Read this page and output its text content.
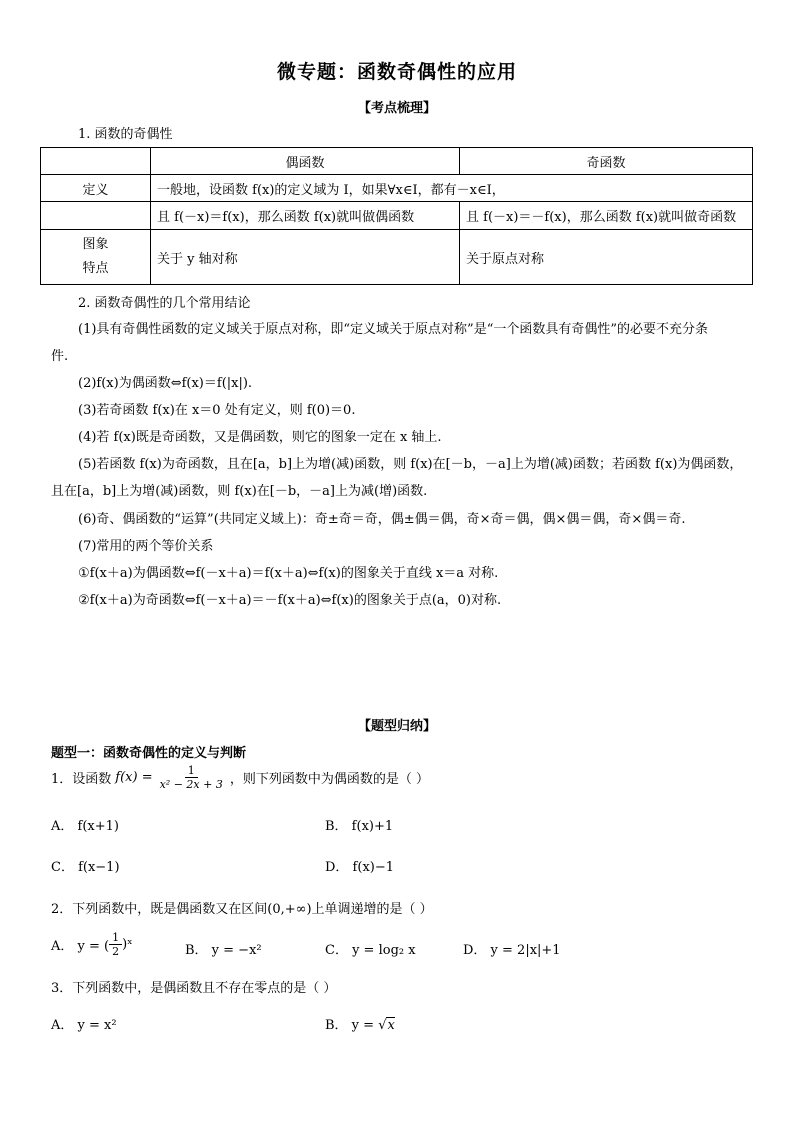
微专题：函数奇偶性的应用
【考点梳理】
1. 函数的奇偶性
	偶函数	奇函数
定义	一般地，设函数 f(x)的定义域为 I，如果∀x∈I，都有－x∈I，	
	且 f(－x)＝f(x)，那么函数 f(x)就叫做偶函数	且 f(－x)＝－f(x)，那么函数 f(x)就叫做奇函数
图象
特点	关于 y 轴对称	关于原点对称
2. 函数奇偶性的几个常用结论
(1)具有奇偶性函数的定义域关于原点对称，即“定义域关于原点对称”是“一个函数具有奇偶性”的必要不充分条
件.
(2)f(x)为偶函数⇔f(x)＝f(|x|).
(3)若奇函数 f(x)在 x＝0 处有定义，则 f(0)＝0.
(4)若 f(x)既是奇函数，又是偶函数，则它的图象一定在 x 轴上.
(5)若函数 f(x)为奇函数，且在[a，b]上为增(减)函数，则 f(x)在[－b，－a]上为增(减)函数；若函数 f(x)为偶函数，
且在[a，b]上为增(减)函数，则 f(x)在[－b，－a]上为减(增)函数.
(6)奇、偶函数的“运算”(共同定义域上)：奇±奇＝奇，偶±偶＝偶，奇×奇＝偶，偶×偶＝偶，奇×偶＝奇.
(7)常用的两个等价关系
①f(x＋a)为偶函数⇔f(－x＋a)＝f(x＋a)⇔f(x)的图象关于直线 x＝a 对称.
②f(x＋a)为奇函数⇔f(－x＋a)＝－f(x＋a)⇔f(x)的图象关于点(a，0)对称.
【题型归纳】
题型一：函数奇偶性的定义与判断
1．设函数 $f(x) = \frac{1}{\text{x² − 2x + 3}}$ ，则下列函数中为偶函数的是（ ）
A． f(x+1)	B． f(x)+1
C． f(x−1)	D． f(x)−1
2．下列函数中，既是偶函数又在区间(0,+∞)上单调递增的是（ ）
A． y = ( $\frac{1}{2}$ )ˣ	B． y = −x²	C． y = log₂ x	D． y = 2|x|+1
3．下列函数中，是偶函数且不存在零点的是（ ）
A． y = x²	B． y = √x
